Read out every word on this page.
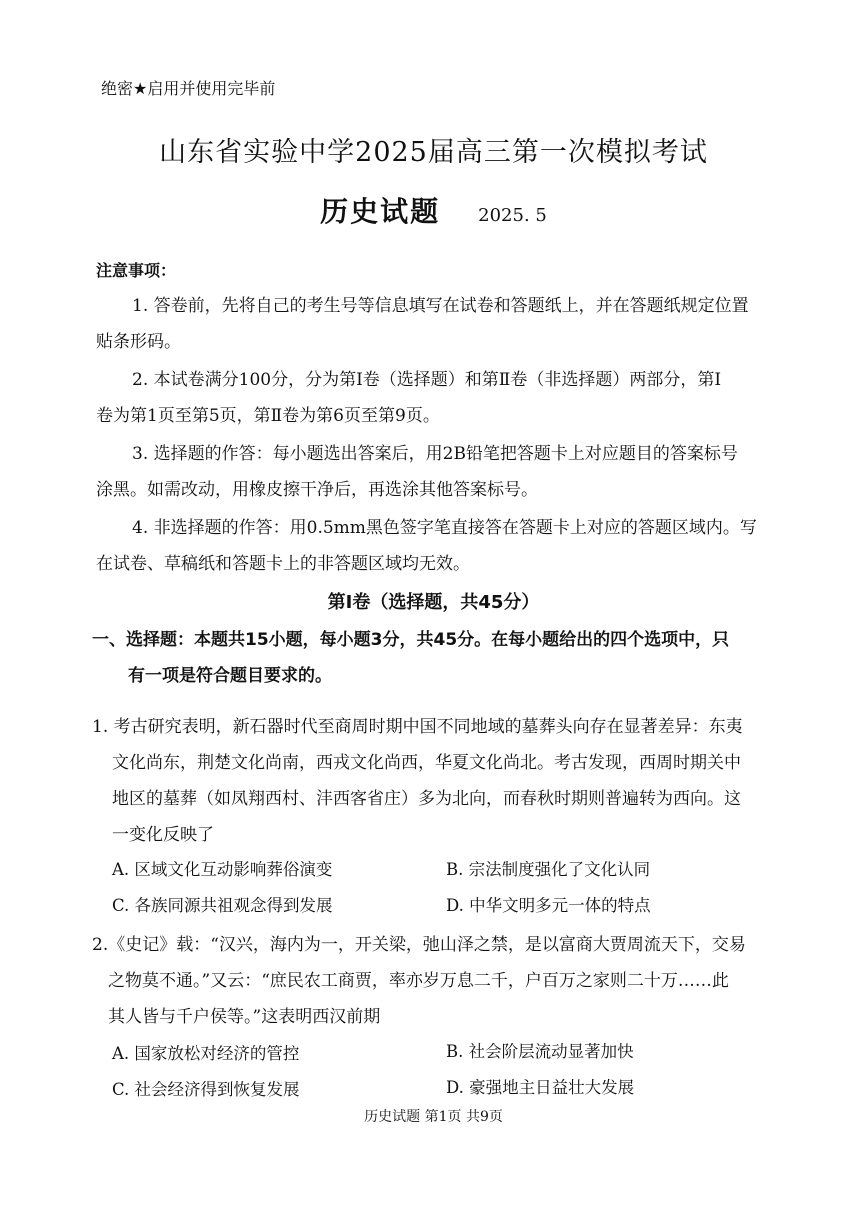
绝密★启用并使用完毕前
山东省实验中学2025届高三第一次模拟考试
历史试题 2025. 5
注意事项：
1. 答卷前，先将自己的考生号等信息填写在试卷和答题纸上，并在答题纸规定位置
贴条形码。
2. 本试卷满分100分，分为第Ⅰ卷（选择题）和第Ⅱ卷（非选择题）两部分，第Ⅰ
卷为第1页至第5页，第Ⅱ卷为第6页至第9页。
3. 选择题的作答：每小题选出答案后，用2B铅笔把答题卡上对应题目的答案标号
涂黑。如需改动，用橡皮擦干净后，再选涂其他答案标号。
4. 非选择题的作答：用0.5mm黑色签字笔直接答在答题卡上对应的答题区域内。写
在试卷、草稿纸和答题卡上的非答题区域均无效。
第Ⅰ卷（选择题，共45分）
一、选择题：本题共15小题，每小题3分，共45分。在每小题给出的四个选项中，只
有一项是符合题目要求的。
1. 考古研究表明，新石器时代至商周时期中国不同地域的墓葬头向存在显著差异：东夷
文化尚东，荆楚文化尚南，西戎文化尚西，华夏文化尚北。考古发现，西周时期关中
地区的墓葬（如凤翔西村、沣西客省庄）多为北向，而春秋时期则普遍转为西向。这
一变化反映了
A. 区域文化互动影响葬俗演变	B. 宗法制度强化了文化认同
C. 各族同源共祖观念得到发展	D. 中华文明多元一体的特点
2.《史记》载：“汉兴，海内为一，开关梁，弛山泽之禁，是以富商大贾周流天下，交易
之物莫不通。”又云：“庶民农工商贾，率亦岁万息二千，户百万之家则二十万……此
其人皆与千户侯等。”这表明西汉前期
A. 国家放松对经济的管控	B. 社会阶层流动显著加快
C. 社会经济得到恢复发展	D. 豪强地主日益壮大发展
历史试题 第1页 共9页
